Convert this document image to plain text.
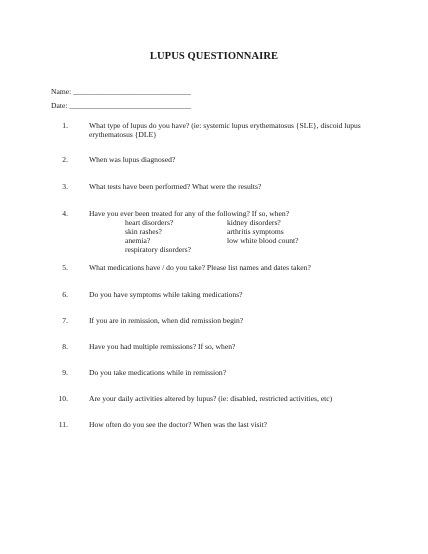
LUPUS QUESTIONNAIRE
Name: _______________________________
Date: ________________________________
1.	What type of lupus do you have? (ie: systemic lupus erythematosus {SLE}, discoid lupus erythematosus {DLE}
2.	When was lupus diagnosed?
3.	What tests have been performed? What were the results?
4.	Have you ever been treated for any of the following? If so, when?
heart disorders?
skin rashes?
anemia?
respiratory disorders?
kidney disorders?
arthritis symptoms
low white blood count?
5.	What medications have / do you take? Please list names and dates taken?
6.	Do you have symptoms while taking medications?
7.	If you are in remission, when did remission begin?
8.	Have you had multiple remissions? If so, when?
9.	Do you take medications while in remission?
10.	Are your daily activities altered by lupus? (ie: disabled, restricted activities, etc)
11.	How often do you see the doctor? When was the last visit?
